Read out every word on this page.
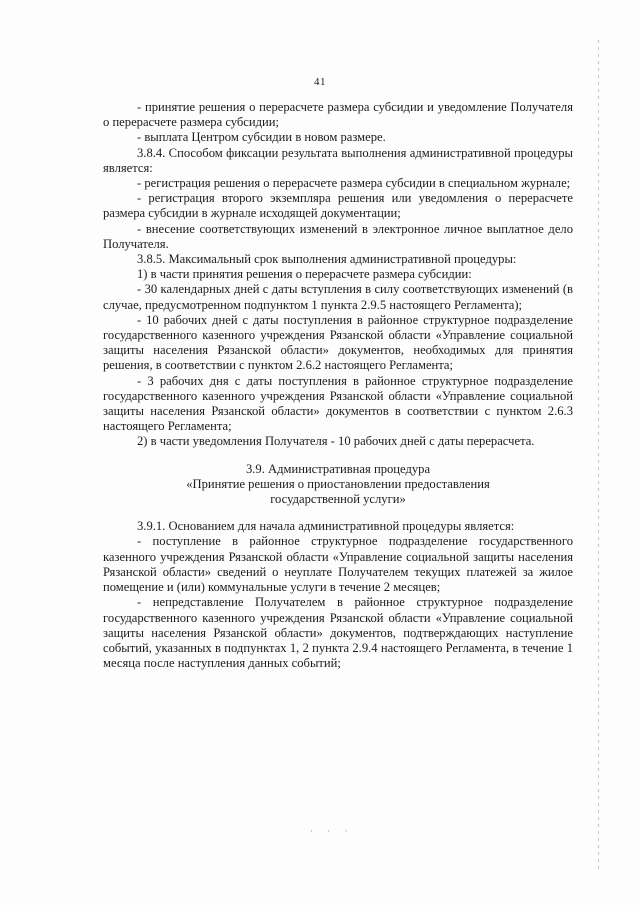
41

- принятие решения о перерасчете размера субсидии и уведомление Получателя о перерасчете размера субсидии;

- выплата Центром субсидии в новом размере.

3.8.4. Способом фиксации результата выполнения административной процедуры является:

- регистрация решения о перерасчете размера субсидии в специальном журнале;

- регистрация второго экземпляра решения или уведомления о перерасчете размера субсидии в журнале исходящей документации;

- внесение соответствующих изменений в электронное личное выплатное дело Получателя.

3.8.5. Максимальный срок выполнения административной процедуры:

1) в части принятия решения о перерасчете размера субсидии:

- 30 календарных дней с даты вступления в силу соответствующих изменений (в случае, предусмотренном подпунктом 1 пункта 2.9.5 настоящего Регламента);

- 10 рабочих дней с даты поступления в районное структурное подразделение государственного казенного учреждения Рязанской области «Управление социальной защиты населения Рязанской области» документов, необходимых для принятия решения, в соответствии с пунктом 2.6.2 настоящего Регламента;

- 3 рабочих дня с даты поступления в районное структурное подразделение государственного казенного учреждения Рязанской области «Управление социальной защиты населения Рязанской области» документов в соответствии с пунктом 2.6.3 настоящего Регламента;

2) в части уведомления Получателя - 10 рабочих дней с даты перерасчета.

3.9. Административная процедура

«Принятие решения о приостановлении предоставления

государственной услуги»

3.9.1. Основанием для начала административной процедуры является:

- поступление в районное структурное подразделение государственного казенного учреждения Рязанской области «Управление социальной защиты населения Рязанской области» сведений о неуплате Получателем текущих платежей за жилое помещение и (или) коммунальные услуги в течение 2 месяцев;

- непредставление Получателем в районное структурное подразделение государственного казенного учреждения Рязанской области «Управление социальной защиты населения Рязанской области» документов, подтверждающих наступление событий, указанных в подпунктах 1, 2 пункта 2.9.4 настоящего Регламента, в течение 1 месяца после наступления данных событий;

· · ·
